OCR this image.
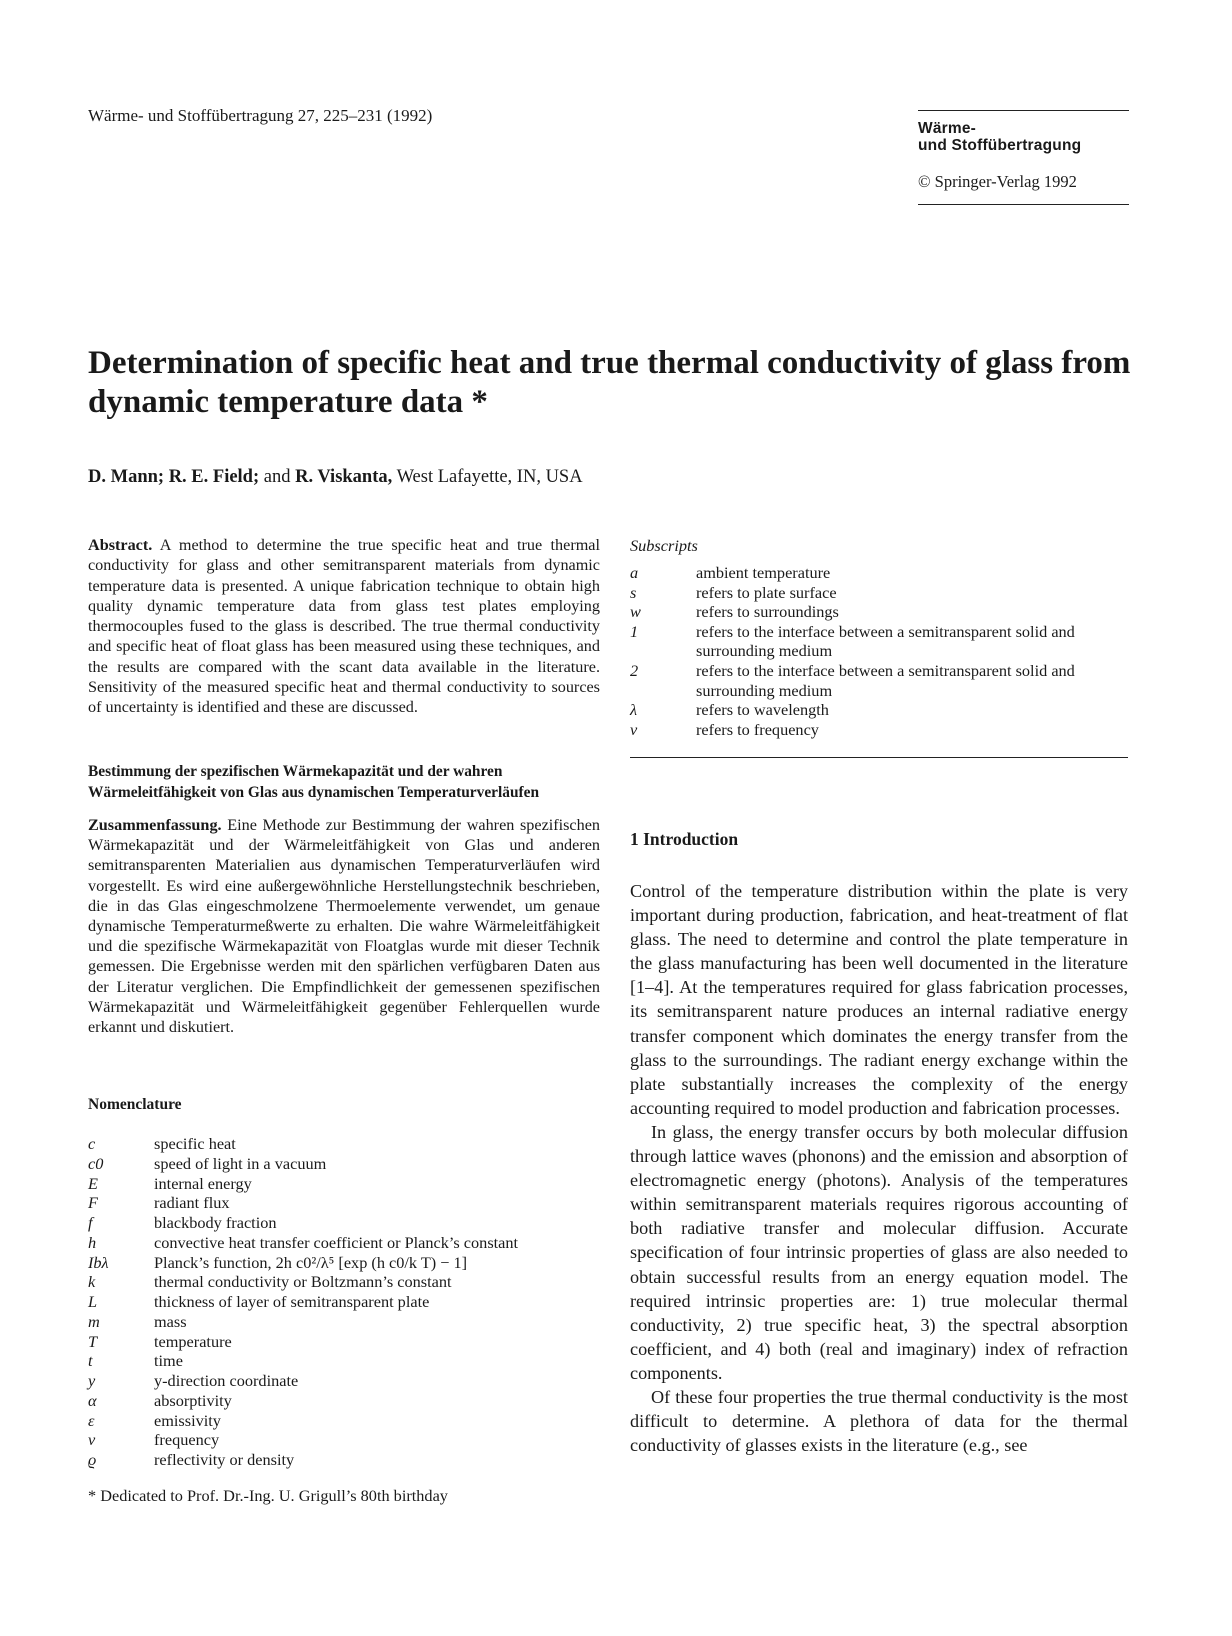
Wärme- und Stoffübertragung 27, 225–231 (1992)
Wärme-
und Stoffübertragung
© Springer-Verlag 1992
Determination of specific heat and true thermal conductivity of glass from dynamic temperature data *
D. Mann; R. E. Field; and R. Viskanta, West Lafayette, IN, USA
Abstract. A method to determine the true specific heat and true thermal conductivity for glass and other semitransparent materials from dynamic temperature data is presented. A unique fabrication technique to obtain high quality dynamic temperature data from glass test plates employing thermocouples fused to the glass is described. The true thermal conductivity and specific heat of float glass has been measured using these techniques, and the results are compared with the scant data available in the literature. Sensitivity of the measured specific heat and thermal conductivity to sources of uncertainty is identified and these are discussed.
Bestimmung der spezifischen Wärmekapazität und der wahren Wärmeleitfähigkeit von Glas aus dynamischen Temperaturverläufen
Zusammenfassung. Eine Methode zur Bestimmung der wahren spezifischen Wärmekapazität und der Wärmeleitfähigkeit von Glas und anderen semitransparenten Materialien aus dynamischen Temperaturverläufen wird vorgestellt. Es wird eine außergewöhnliche Herstellungstechnik beschrieben, die in das Glas eingeschmolzene Thermoelemente verwendet, um genaue dynamische Temperaturmeßwerte zu erhalten. Die wahre Wärmeleitfähigkeit und die spezifische Wärmekapazität von Floatglas wurde mit dieser Technik gemessen. Die Ergebnisse werden mit den spärlichen verfügbaren Daten aus der Literatur verglichen. Die Empfindlichkeit der gemessenen spezifischen Wärmekapazität und Wärmeleitfähigkeit gegenüber Fehlerquellen wurde erkannt und diskutiert.
Nomenclature
c	specific heat
c0	speed of light in a vacuum
E	internal energy
F	radiant flux
f	blackbody fraction
h	convective heat transfer coefficient or Planck’s constant
Ibλ	Planck’s function, 2h c0²/λ⁵ [exp (h c0/k T) − 1]
k	thermal conductivity or Boltzmann’s constant
L	thickness of layer of semitransparent plate
m	mass
T	temperature
t	time
y	y-direction coordinate
α	absorptivity
ε	emissivity
ν	frequency
ϱ	reflectivity or density
* Dedicated to Prof. Dr.-Ing. U. Grigull’s 80th birthday
Subscripts
a	ambient temperature
s	refers to plate surface
w	refers to surroundings
1	refers to the interface between a semitransparent solid and surrounding medium
2	refers to the interface between a semitransparent solid and surrounding medium
λ	refers to wavelength
ν	refers to frequency
1 Introduction

Control of the temperature distribution within the plate is very important during production, fabrication, and heat-treatment of flat glass. The need to determine and control the plate temperature in the glass manufacturing has been well documented in the literature [1–4]. At the temperatures required for glass fabrication processes, its semitransparent nature produces an internal radiative energy transfer component which dominates the energy transfer from the glass to the surroundings. The radiant energy exchange within the plate substantially increases the complexity of the energy accounting required to model production and fabrication processes.

In glass, the energy transfer occurs by both molecular diffusion through lattice waves (phonons) and the emission and absorption of electromagnetic energy (photons). Analysis of the temperatures within semitransparent materials requires rigorous accounting of both radiative transfer and molecular diffusion. Accurate specification of four intrinsic properties of glass are also needed to obtain successful results from an energy equation model. The required intrinsic properties are: 1) true molecular thermal conductivity, 2) true specific heat, 3) the spectral absorption coefficient, and 4) both (real and imaginary) index of refraction components.

Of these four properties the true thermal conductivity is the most difficult to determine. A plethora of data for the thermal conductivity of glasses exists in the literature (e.g., see
